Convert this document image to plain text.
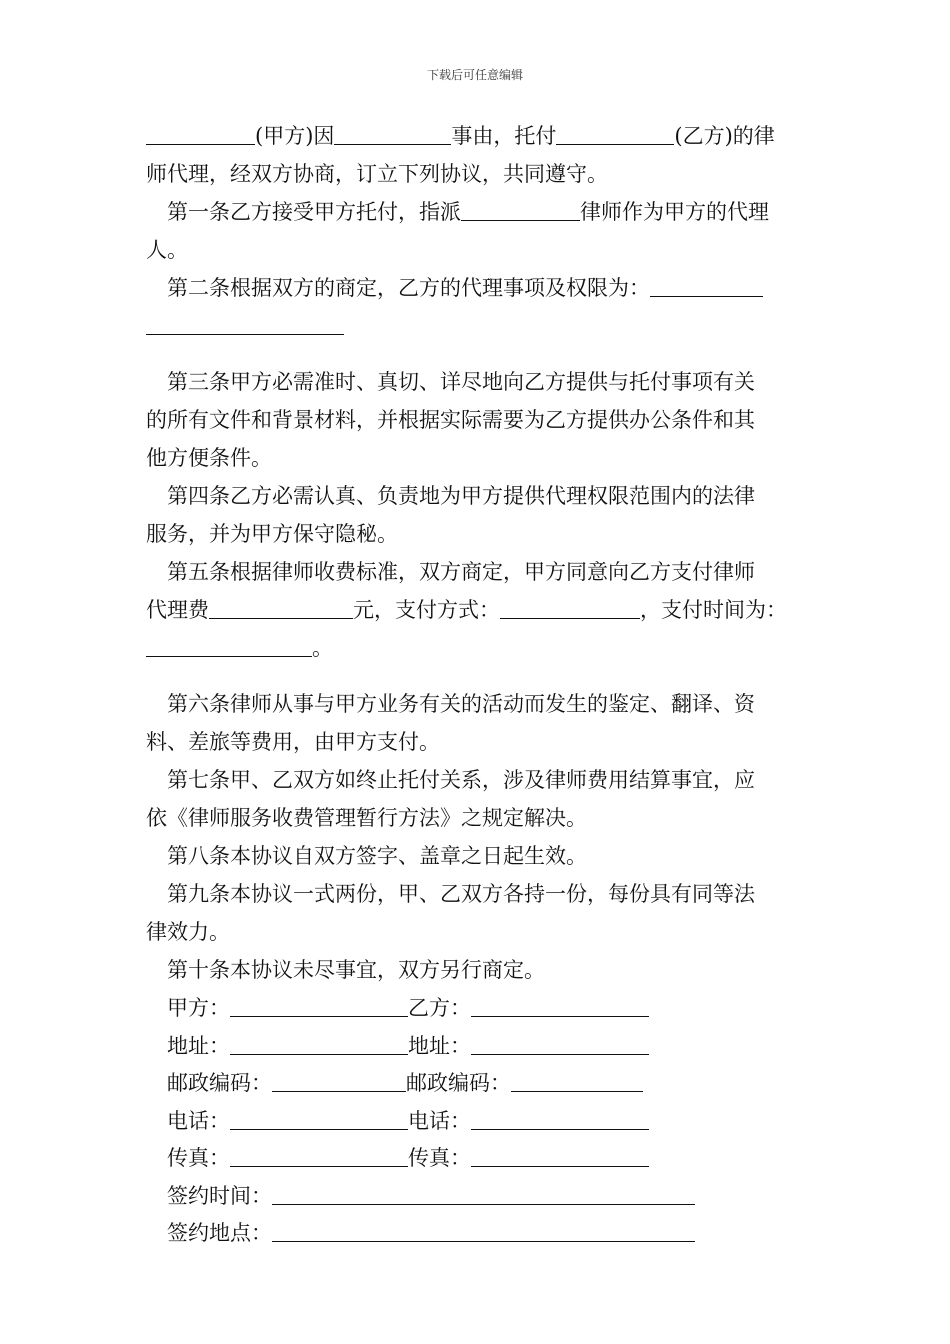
下载后可任意编辑

(甲方)因	事由，托付	(乙方)的律

师代理，经双方协商，订立下列协议，共同遵守。

第一条乙方接受甲方托付，指派	律师作为甲方的代理

人。

第二条根据双方的商定，乙方的代理事项及权限为：

第三条甲方必需准时、真切、详尽地向乙方提供与托付事项有关

的所有文件和背景材料，并根据实际需要为乙方提供办公条件和其

他方便条件。

第四条乙方必需认真、负责地为甲方提供代理权限范围内的法律

服务，并为甲方保守隐秘。

第五条根据律师收费标准，双方商定，甲方同意向乙方支付律师

代理费	元，支付方式：	，支付时间为：

。

第六条律师从事与甲方业务有关的活动而发生的鉴定、翻译、资

料、差旅等费用，由甲方支付。

第七条甲、乙双方如终止托付关系，涉及律师费用结算事宜，应

依《律师服务收费管理暂行方法》之规定解决。

第八条本协议自双方签字、盖章之日起生效。

第九条本协议一式两份，甲、乙双方各持一份，每份具有同等法

律效力。

第十条本协议未尽事宜，双方另行商定。

甲方：	乙方：
地址：	地址：
邮政编码：	邮政编码：
电话：	电话：
传真：	传真：
签约时间：
签约地点：
